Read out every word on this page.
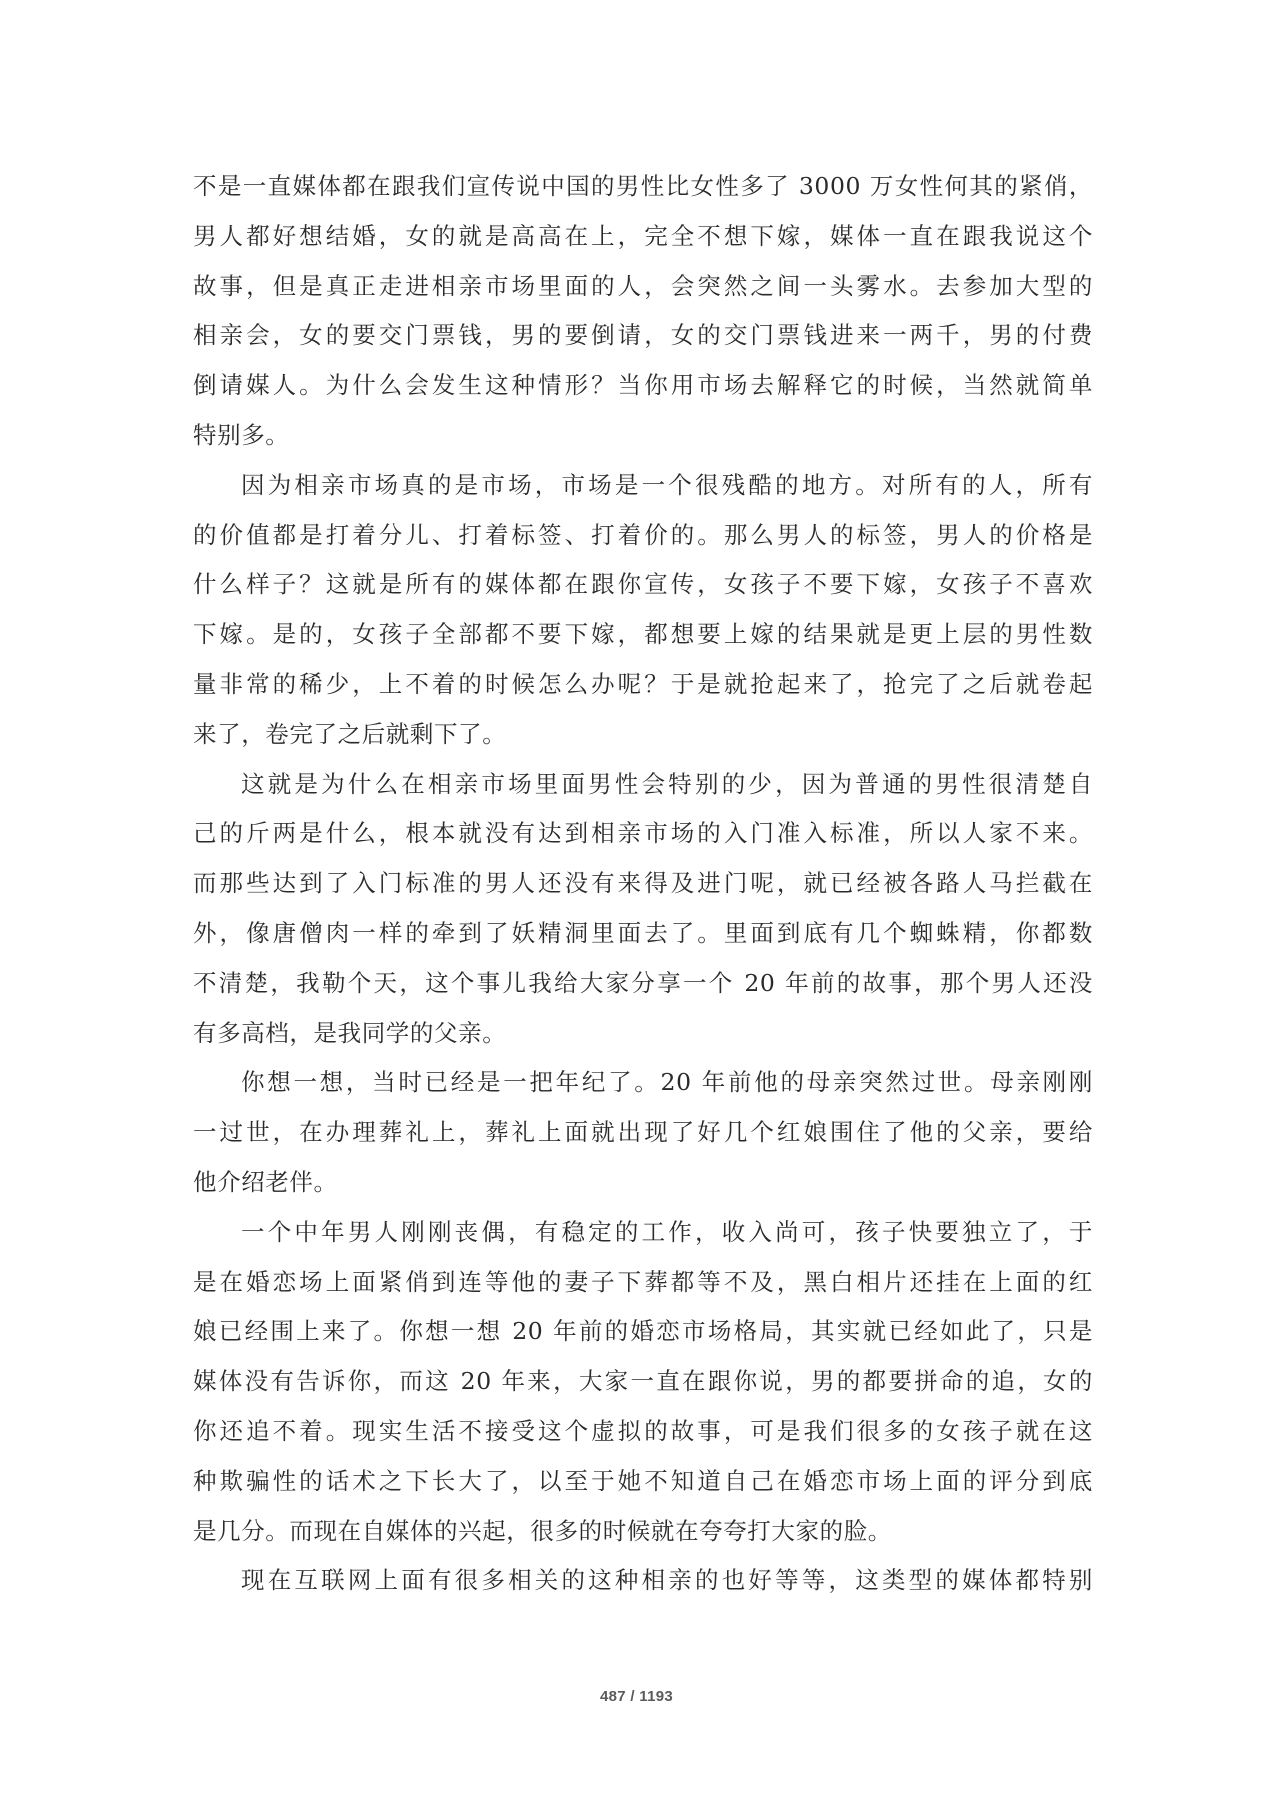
不是一直媒体都在跟我们宣传说中国的男性比女性多了 3000 万女性何其的紧俏，
男人都好想结婚，女的就是高高在上，完全不想下嫁，媒体一直在跟我说这个
故事，但是真正走进相亲市场里面的人，会突然之间一头雾水。去参加大型的
相亲会，女的要交门票钱，男的要倒请，女的交门票钱进来一两千，男的付费
倒请媒人。为什么会发生这种情形？当你用市场去解释它的时候，当然就简单
特别多。
因为相亲市场真的是市场，市场是一个很残酷的地方。对所有的人，所有
的价值都是打着分儿、打着标签、打着价的。那么男人的标签，男人的价格是
什么样子？这就是所有的媒体都在跟你宣传，女孩子不要下嫁，女孩子不喜欢
下嫁。是的，女孩子全部都不要下嫁，都想要上嫁的结果就是更上层的男性数
量非常的稀少，上不着的时候怎么办呢？于是就抢起来了，抢完了之后就卷起
来了，卷完了之后就剩下了。
这就是为什么在相亲市场里面男性会特别的少，因为普通的男性很清楚自
己的斤两是什么，根本就没有达到相亲市场的入门准入标准，所以人家不来。
而那些达到了入门标准的男人还没有来得及进门呢，就已经被各路人马拦截在
外，像唐僧肉一样的牵到了妖精洞里面去了。里面到底有几个蜘蛛精，你都数
不清楚，我勒个天，这个事儿我给大家分享一个 20 年前的故事，那个男人还没
有多高档，是我同学的父亲。
你想一想，当时已经是一把年纪了。20 年前他的母亲突然过世。母亲刚刚
一过世，在办理葬礼上，葬礼上面就出现了好几个红娘围住了他的父亲，要给
他介绍老伴。
一个中年男人刚刚丧偶，有稳定的工作，收入尚可，孩子快要独立了，于
是在婚恋场上面紧俏到连等他的妻子下葬都等不及，黑白相片还挂在上面的红
娘已经围上来了。你想一想 20 年前的婚恋市场格局，其实就已经如此了，只是
媒体没有告诉你，而这 20 年来，大家一直在跟你说，男的都要拼命的追，女的
你还追不着。现实生活不接受这个虚拟的故事，可是我们很多的女孩子就在这
种欺骗性的话术之下长大了，以至于她不知道自己在婚恋市场上面的评分到底
是几分。而现在自媒体的兴起，很多的时候就在夸夸打大家的脸。
现在互联网上面有很多相关的这种相亲的也好等等，这类型的媒体都特别
487 / 1193
